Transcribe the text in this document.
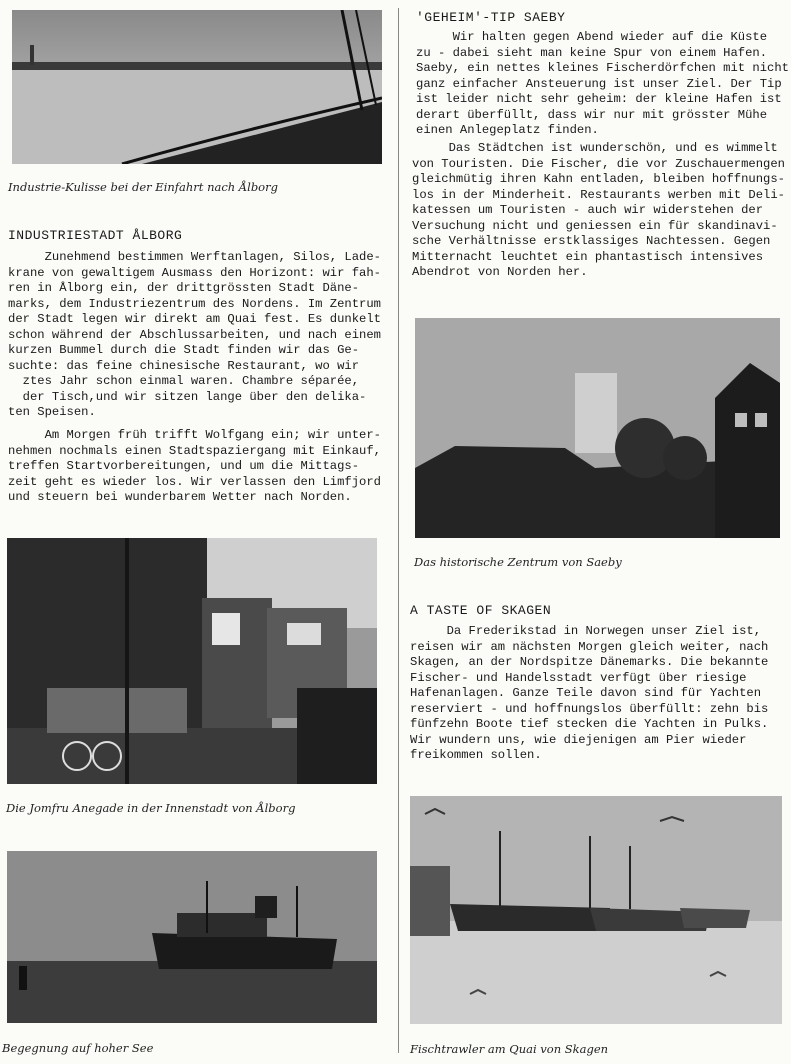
Industrie-Kulisse bei der Einfahrt nach Ålborg

INDUSTRIESTADT ÅLBORG
Zunehmend bestimmen Werftanlagen, Silos, Lade-
krane von gewaltigem Ausmass den Horizont: wir fah-
ren in Ålborg ein, der drittgrössten Stadt Däne-
marks, dem Industriezentrum des Nordens. Im Zentrum
der Stadt legen wir direkt am Quai fest. Es dunkelt
schon während der Abschlussarbeiten, und nach einem
kurzen Bummel durch die Stadt finden wir das Ge-
suchte: das feine chinesische Restaurant, wo wir
ztes Jahr schon einmal waren. Chambre séparée,
der Tisch,und wir sitzen lange über den delika-
ten Speisen.
Am Morgen früh trifft Wolfgang ein; wir unter-
nehmen nochmals einen Stadtspaziergang mit Einkauf,
treffen Startvorbereitungen, und um die Mittags-
zeit geht es wieder los. Wir verlassen den Limfjord
und steuern bei wunderbarem Wetter nach Norden.

Die Jomfru Anegade in der Innenstadt von Ålborg

Begegnung auf hoher See

'GEHEIM'-TIP SAEBY
Wir halten gegen Abend wieder auf die Küste
zu - dabei sieht man keine Spur von einem Hafen.
Saeby, ein nettes kleines Fischerdörfchen mit nicht
ganz einfacher Ansteuerung ist unser Ziel. Der Tip
ist leider nicht sehr geheim: der kleine Hafen ist
derart überfüllt, dass wir nur mit grösster Mühe
einen Anlegeplatz finden.
Das Städtchen ist wunderschön, und es wimmelt
von Touristen. Die Fischer, die vor Zuschauermengen
gleichmütig ihren Kahn entladen, bleiben hoffnungs-
los in der Minderheit. Restaurants werben mit Deli-
katessen um Touristen - auch wir widerstehen der
Versuchung nicht und geniessen ein für skandinavi-
sche Verhältnisse erstklassiges Nachtessen. Gegen
Mitternacht leuchtet ein phantastisch intensives
Abendrot von Norden her.

Das historische Zentrum von Saeby

A TASTE OF SKAGEN
Da Frederikstad in Norwegen unser Ziel ist,
reisen wir am nächsten Morgen gleich weiter, nach
Skagen, an der Nordspitze Dänemarks. Die bekannte
Fischer- und Handelsstadt verfügt über riesige
Hafenanlagen. Ganze Teile davon sind für Yachten
reserviert - und hoffnungslos überfüllt: zehn bis
fünfzehn Boote tief stecken die Yachten in Pulks.
Wir wundern uns, wie diejenigen am Pier wieder
freikommen sollen.

Fischtrawler am Quai von Skagen
